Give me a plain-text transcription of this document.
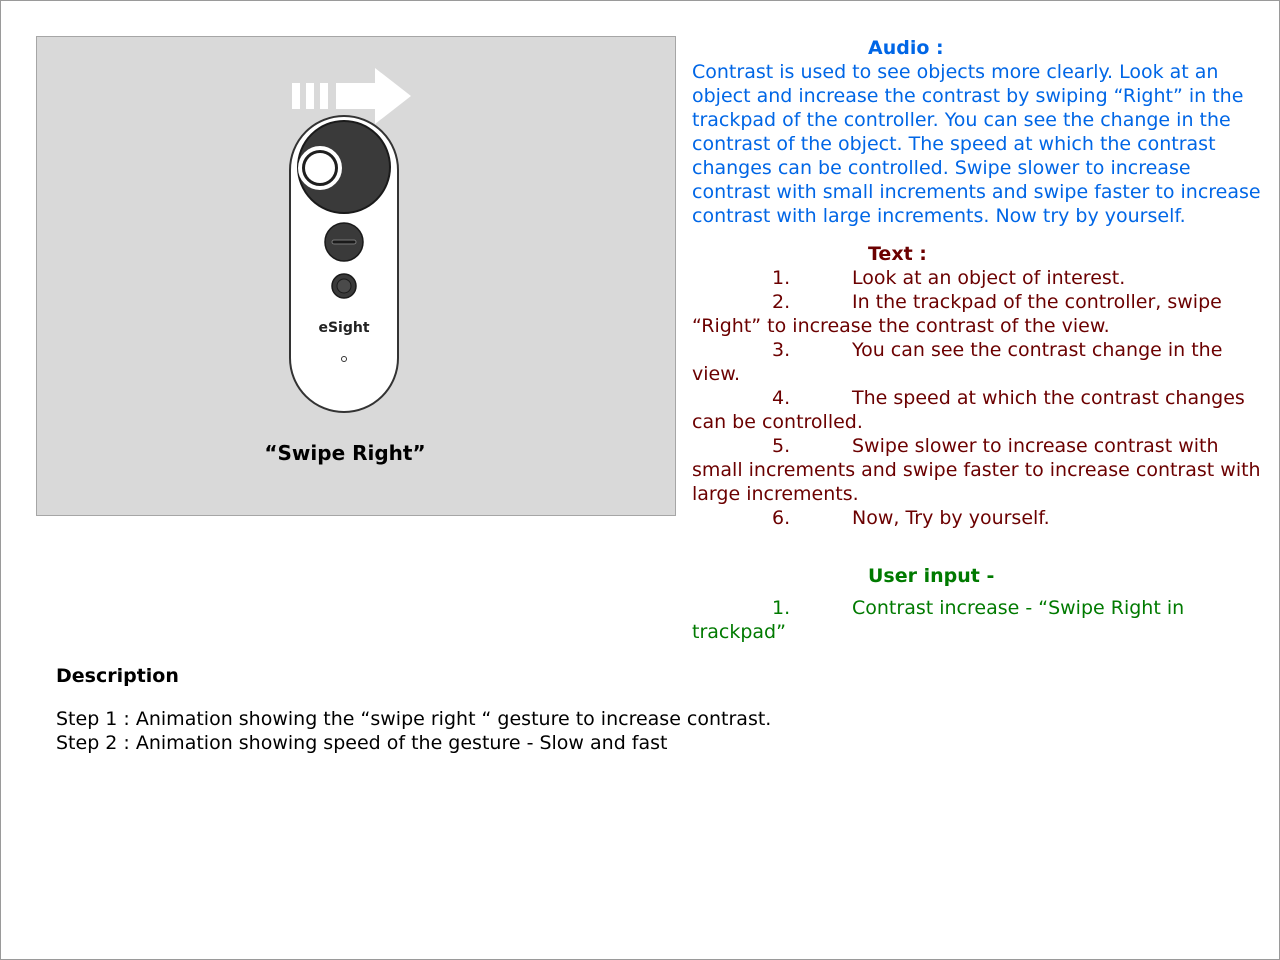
eSight
“Swipe Right”
Audio :
Contrast is used to see objects more clearly. Look at an object and increase the contrast by swiping “Right” in the trackpad of the controller. You can see the change in the contrast of the object. The speed at which the contrast changes can be controlled. Swipe slower to increase contrast with small increments and swipe faster to increase contrast with large increments. Now try by yourself.
Text :

1.	Look at an object of interest.

2.	In the trackpad of the controller, swipe “Right” to increase the contrast of the view.

3.	You can see the contrast change in the view.

4.	The speed at which the contrast changes can be controlled.

5.	Swipe slower to increase contrast with small increments and swipe faster to increase contrast with large increments.

6.	Now, Try by yourself.

User input -

1.	Contrast increase - “Swipe Right in trackpad”

Description
Step 1 : Animation showing the “swipe right “ gesture to increase contrast.
Step 2 : Animation showing speed of the gesture - Slow and fast
